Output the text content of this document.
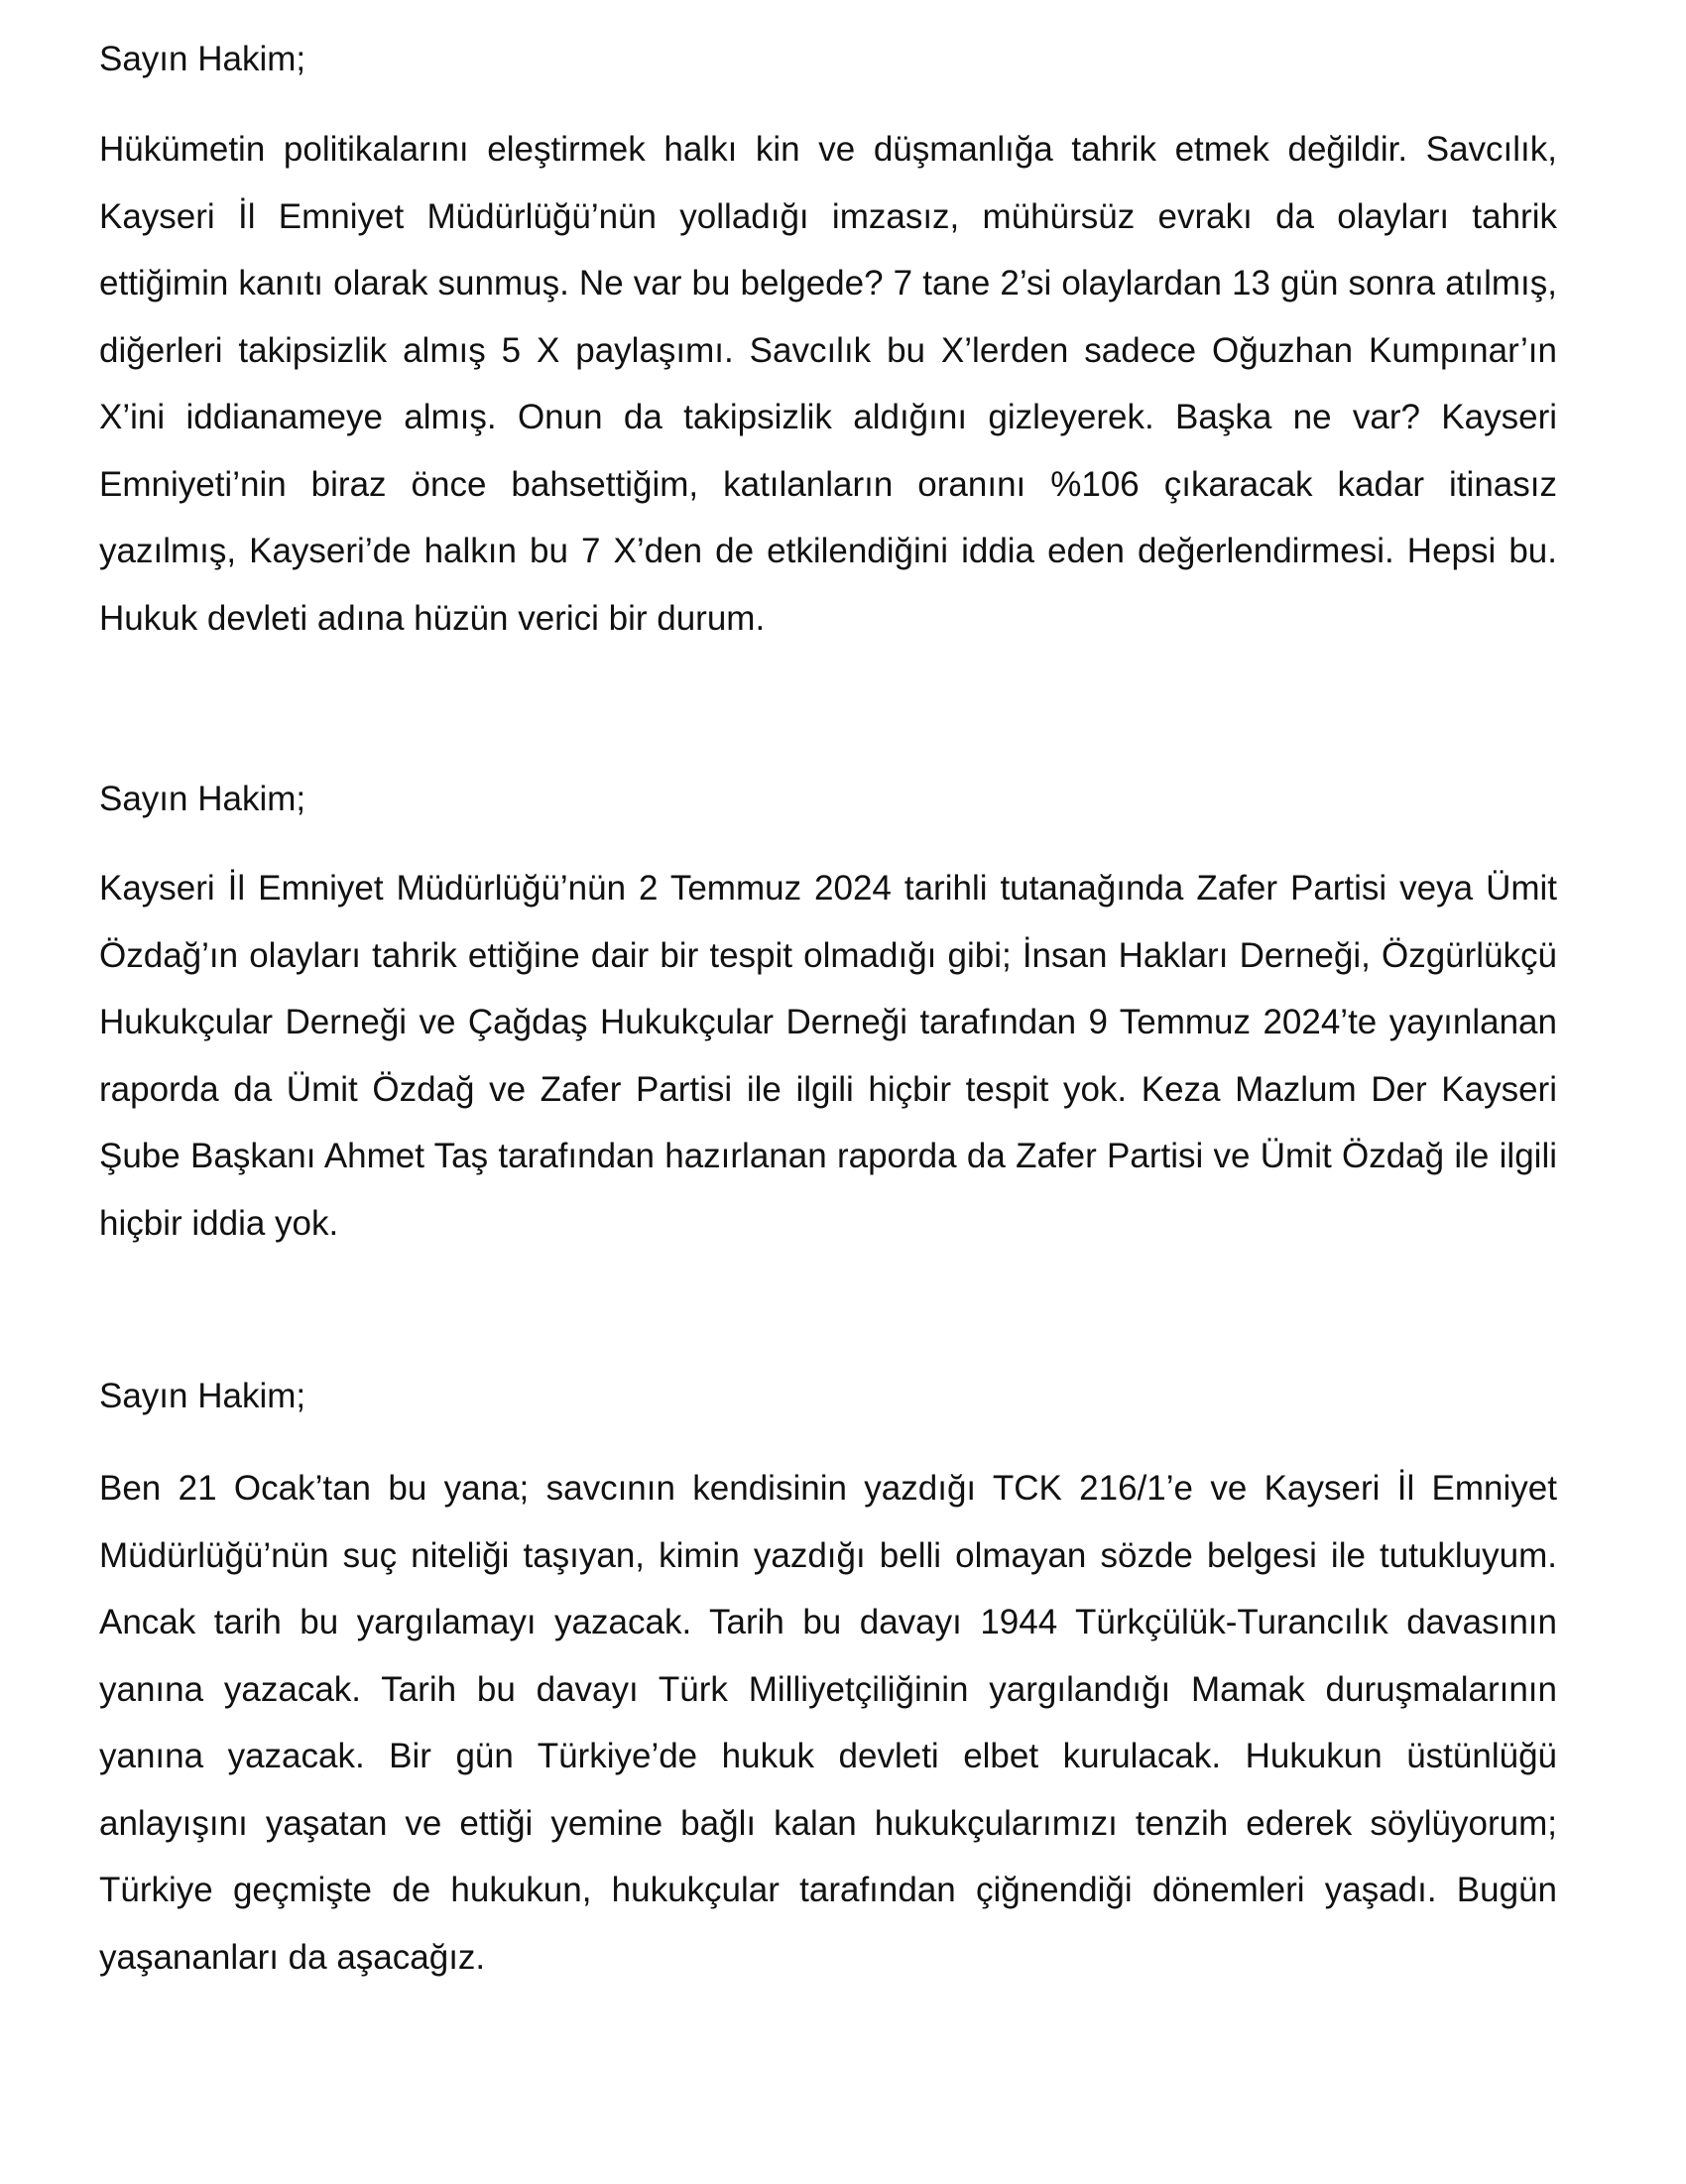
Sayın Hakim;

Hükümetin politikalarını eleştirmek halkı kin ve düşmanlığa tahrik etmek değildir. Savcılık, Kayseri İl Emniyet Müdürlüğü’nün yolladığı imzasız, mühürsüz evrakı da olayları tahrik ettiğimin kanıtı olarak sunmuş. Ne var bu belgede? 7 tane 2’si olaylardan 13 gün sonra atılmış, diğerleri takipsizlik almış 5 X paylaşımı. Savcılık bu X’lerden sadece Oğuzhan Kumpınar’ın X’ini iddianameye almış. Onun da takipsizlik aldığını gizleyerek. Başka ne var? Kayseri Emniyeti’nin biraz önce bahsettiğim, katılanların oranını %106 çıkaracak kadar itinasız yazılmış, Kayseri’de halkın bu 7 X’den de etkilendiğini iddia eden değerlendirmesi. Hepsi bu. Hukuk devleti adına hüzün verici bir durum.

Sayın Hakim;

Kayseri İl Emniyet Müdürlüğü’nün 2 Temmuz 2024 tarihli tutanağında Zafer Partisi veya Ümit Özdağ’ın olayları tahrik ettiğine dair bir tespit olmadığı gibi; İnsan Hakları Derneği, Özgürlükçü Hukukçular Derneği ve Çağdaş Hukukçular Derneği tarafından 9 Temmuz 2024’te yayınlanan raporda da Ümit Özdağ ve Zafer Partisi ile ilgili hiçbir tespit yok. Keza Mazlum Der Kayseri Şube Başkanı Ahmet Taş tarafından hazırlanan raporda da Zafer Partisi ve Ümit Özdağ ile ilgili hiçbir iddia yok.

Sayın Hakim;

Ben 21 Ocak’tan bu yana; savcının kendisinin yazdığı TCK 216/1’e ve Kayseri İl Emniyet Müdürlüğü’nün suç niteliği taşıyan, kimin yazdığı belli olmayan sözde belgesi ile tutukluyum. Ancak tarih bu yargılamayı yazacak. Tarih bu davayı 1944 Türkçülük-Turancılık davasının yanına yazacak. Tarih bu davayı Türk Milliyetçiliğinin yargılandığı Mamak duruşmalarının yanına yazacak. Bir gün Türkiye’de hukuk devleti elbet kurulacak. Hukukun üstünlüğü anlayışını yaşatan ve ettiği yemine bağlı kalan hukukçularımızı tenzih ederek söylüyorum; Türkiye geçmişte de hukukun, hukukçular tarafından çiğnendiği dönemleri yaşadı. Bugün yaşananları da aşacağız.
